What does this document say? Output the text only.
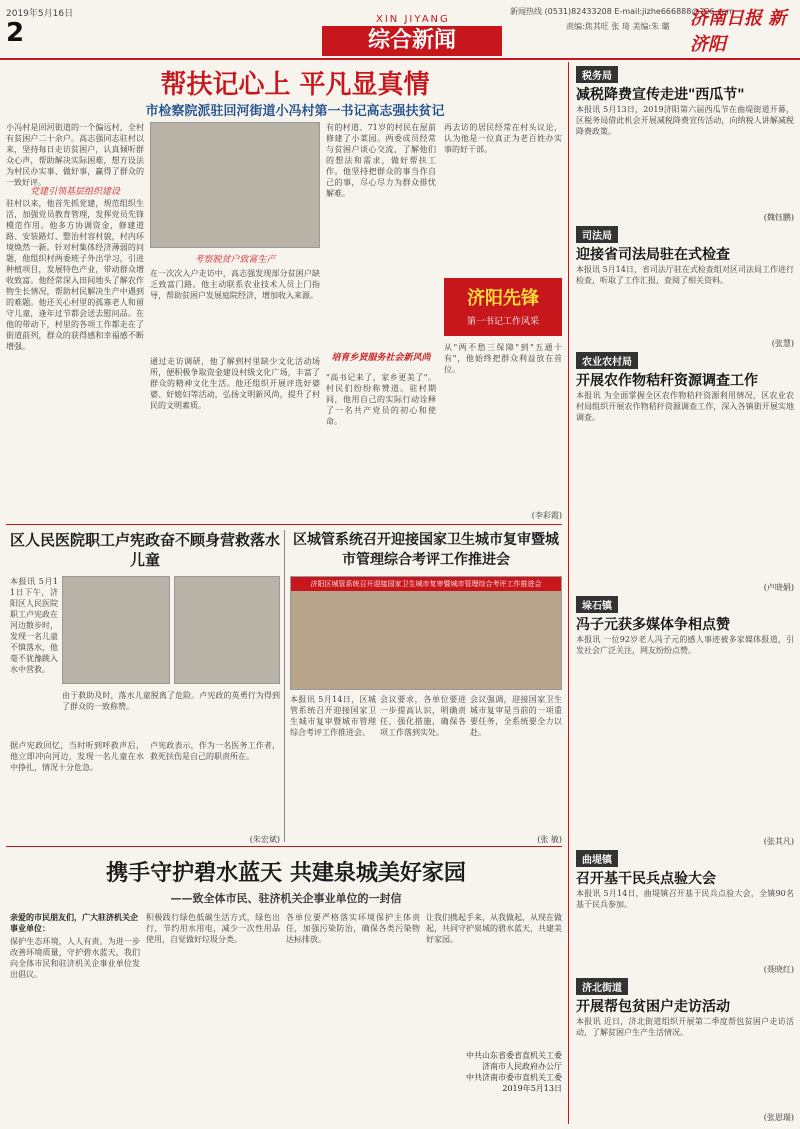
2019年5月16日
2	XIN JIYANG
综合新闻
新闻热线 (0531)82433208 E-mail:jizhe666888@126.com
责编:焦其旺 张 琦 美编:朱 璐 济南日报 新济阳
帮扶记心上 平凡显真情
市检察院派驻回河街道小冯村第一书记高志强扶贫记
小冯村是回河街道的一个偏远村，全村有贫困户二十余户。高志强同志驻村以来，坚持每日走访贫困户，认真倾听群众心声，帮助解决实际困难，想方设法为村民办实事、做好事，赢得了群众的一致好评。
党建引领基层组织建设
驻村以来，他首先抓党建，规范组织生活，加强党员教育管理，发挥党员先锋模范作用。他多方协调资金，修建道路、安装路灯、整治村容村貌，村内环境焕然一新。针对村集体经济薄弱的问题，他组织村两委班子外出学习，引进种植项目，发展特色产业，带动群众增收致富。他经常深入田间地头了解农作物生长情况，帮助村民解决生产中遇到的难题。他还关心村里的孤寡老人和留守儿童，逢年过节都会送去慰问品。在他的带动下，村里的各项工作都走在了街道前列，群众的获得感和幸福感不断增强。
考察脱贫户致富生产
在一次次入户走访中，高志强发现部分贫困户缺乏致富门路。他主动联系农业技术人员上门指导，帮助贫困户发展庭院经济，增加收入来源。
通过走访调研，他了解到村里缺少文化活动场所，便积极争取资金建设村级文化广场，丰富了群众的精神文化生活。他还组织开展评选好婆婆、好媳妇等活动，弘扬文明新风尚，提升了村民的文明素质。
有的村道、71岁的村民在屋前修建了小菜园。两委成员经常与贫困户谈心交流，了解他们的想法和需求，做好帮扶工作。他坚持把群众的事当作自己的事，尽心尽力为群众排忧解难。
培育乡贤服务社会新风尚
"高书记来了，家乡更美了"。村民们纷纷称赞道。驻村期间，他用自己的实际行动诠释了一名共产党员的初心和使命。
再去访的居民经常在村头议论，认为他是一位真正为老百姓办实事的好干部。
济阳先锋
第一书记工作风采
从"两不愁三保障"到"五通十有"，他始终把群众利益放在首位。
(李彩霞)
区人民医院职工卢宪政奋不顾身营救落水儿童
本报讯 5月11日下午，济阳区人民医院职工卢宪政在河边散步时，发现一名儿童不慎落水，他毫不犹豫跳入水中营救。
由于救助及时，落水儿童脱离了危险。卢宪政的英勇行为得到了群众的一致称赞。
据卢宪政回忆，当时听到呼救声后，他立即冲向河边，发现一名儿童在水中挣扎，情况十分危急。
卢宪政表示，作为一名医务工作者，救死扶伤是自己的职责所在。
(朱宏斌)
区城管系统召开迎接国家卫生城市复审暨城市管理综合考评工作推进会
济阳区城管系统召开迎接国家卫生城市复审暨城市管理综合考评工作推进会
本报讯 5月14日，区城管系统召开迎接国家卫生城市复审暨城市管理综合考评工作推进会。
会议要求，各单位要进一步提高认识，明确责任，强化措施，确保各项工作落到实处。
会议强调，迎接国家卫生城市复审是当前的一项重要任务，全系统要全力以赴。
(张 敏)
携手守护碧水蓝天 共建泉城美好家园
——致全体市民、驻济机关企事业单位的一封信
亲爱的市民朋友们，广大驻济机关企事业单位：
保护生态环境，人人有责。为进一步改善环境质量，守护碧水蓝天，我们向全体市民和驻济机关企事业单位发出倡议。
积极践行绿色低碳生活方式，绿色出行，节约用水用电，减少一次性用品使用，自觉做好垃圾分类。
各单位要严格落实环境保护主体责任，加强污染防治，确保各类污染物达标排放。
让我们携起手来，从我做起，从现在做起，共同守护泉城的碧水蓝天，共建美好家园。
中共山东省委省直机关工委
济南市人民政府办公厅
中共济南市委市直机关工委
2019年5月13日
税务局
减税降费宣传走进"西瓜节"
本报讯 5月13日，2019济阳第六届西瓜节在曲堤街道开幕，区税务局借此机会开展减税降费宣传活动，向纳税人讲解减税降费政策。
(魏钰鹏)
司法局
迎接省司法局驻在式检查
本报讯 5月14日，省司法厅驻在式检查组对区司法局工作进行检查，听取了工作汇报，查阅了相关资料。
(张慧)
农业农村局
开展农作物秸秆资源调查工作
本报讯 为全面掌握全区农作物秸秆资源利用情况，区农业农村局组织开展农作物秸秆资源调查工作，深入各镇街开展实地调查。
(卢晓娟)
垛石镇
冯子元获多媒体争相点赞
本报讯 一位92岁老人冯子元的感人事迹被多家媒体报道，引发社会广泛关注，网友纷纷点赞。
(张其凡)
曲堤镇
召开基干民兵点验大会
本报讯 5月14日，曲堤镇召开基干民兵点验大会，全镇90名基干民兵参加。
(聂晓红)
济北街道
开展帮包贫困户走访活动
本报讯 近日，济北街道组织开展第二季度帮包贫困户走访活动，了解贫困户生产生活情况。
(张恩瑞)
